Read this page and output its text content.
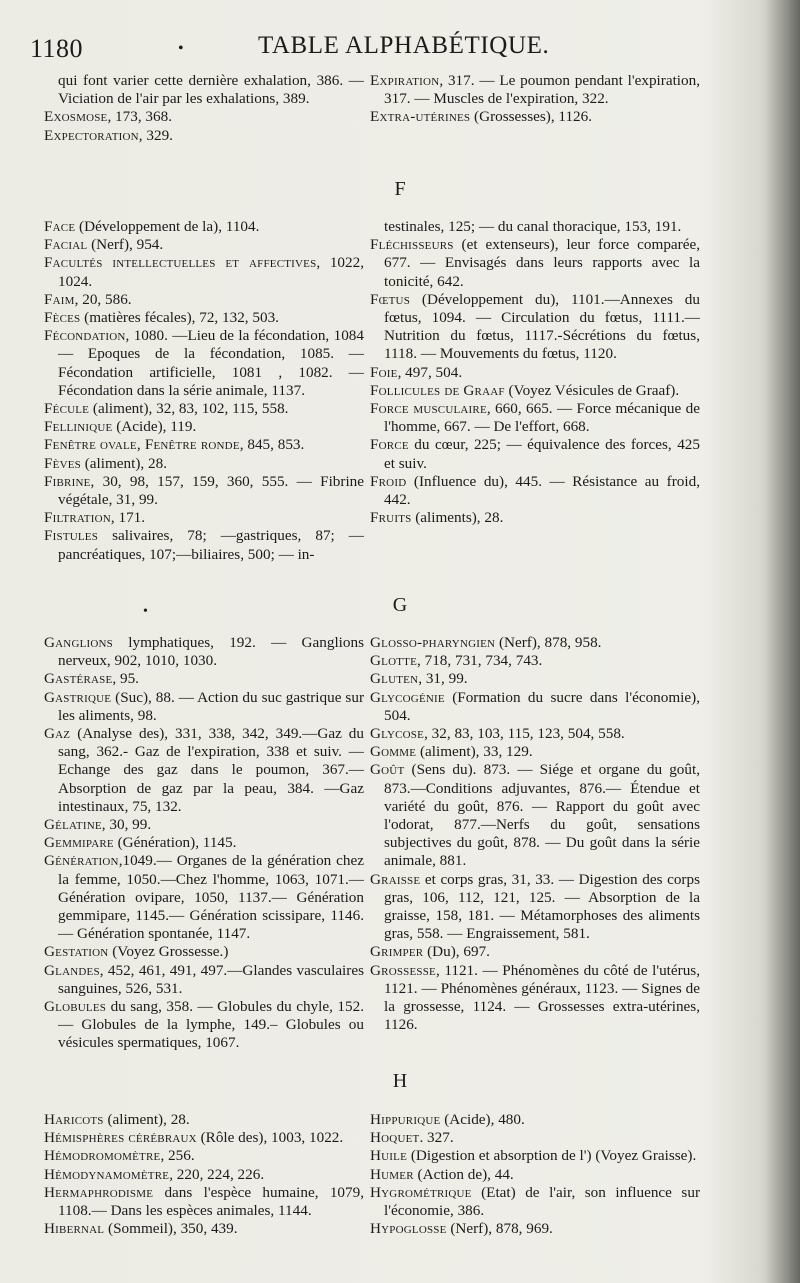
1180	•	TABLE ALPHABÉTIQUE.

qui font varier cette dernière exhalation, 386. — Viciation de l'air par les exhalations, 389.

Exosmose, 173, 368.

Expectoration, 329.

Expiration, 317. — Le poumon pendant l'expiration, 317. — Muscles de l'expiration, 322.

Extra-utérines (Grossesses), 1126.

F

Face (Développement de la), 1104.

Facial (Nerf), 954.

Facultés intellectuelles et affectives, 1022, 1024.

Faim, 20, 586.

Fèces (matières fécales), 72, 132, 503.

Fécondation, 1080. —Lieu de la fécondation, 1084 — Epoques de la fécondation, 1085. — Fécondation artificielle, 1081 , 1082. — Fécondation dans la série animale, 1137.

Fécule (aliment), 32, 83, 102, 115, 558.

Fellinique (Acide), 119.

Fenêtre ovale, Fenêtre ronde, 845, 853.

Fèves (aliment), 28.

Fibrine, 30, 98, 157, 159, 360, 555. — Fibrine végétale, 31, 99.

Filtration, 171.

Fistules salivaires, 78; —gastriques, 87; — pancréatiques, 107;—biliaires, 500; — in-

testinales, 125; — du canal thoracique, 153, 191.

Fléchisseurs (et extenseurs), leur force comparée, 677. — Envisagés dans leurs rapports avec la tonicité, 642.

Fœtus (Développement du), 1101.—Annexes du fœtus, 1094. — Circulation du fœtus, 1111.— Nutrition du fœtus, 1117.-Sécrétions du fœtus, 1118. — Mouvements du fœtus, 1120.

Foie, 497, 504.

Follicules de Graaf (Voyez Vésicules de Graaf).

Force musculaire, 660, 665. — Force mécanique de l'homme, 667. — De l'effort, 668.

Force du cœur, 225; — équivalence des forces, 425 et suiv.

Froid (Influence du), 445. — Résistance au froid, 442.

Fruits (aliments), 28.

•	G

Ganglions lymphatiques, 192. — Ganglions nerveux, 902, 1010, 1030.

Gastérase, 95.

Gastrique (Suc), 88. — Action du suc gastrique sur les aliments, 98.

Gaz (Analyse des), 331, 338, 342, 349.—Gaz du sang, 362.- Gaz de l'expiration, 338 et suiv. — Echange des gaz dans le poumon, 367.—Absorption de gaz par la peau, 384. —Gaz intestinaux, 75, 132.

Gélatine, 30, 99.

Gemmipare (Génération), 1145.

Génération,1049.— Organes de la génération chez la femme, 1050.—Chez l'homme, 1063, 1071.— Génération ovipare, 1050, 1137.— Génération gemmipare, 1145.— Génération scissipare, 1146. — Génération spontanée, 1147.

Gestation (Voyez Grossesse.)

Glandes, 452, 461, 491, 497.—Glandes vasculaires sanguines, 526, 531.

Globules du sang, 358. — Globules du chyle, 152. — Globules de la lymphe, 149.– Globules ou vésicules spermatiques, 1067.

Glosso-pharyngien (Nerf), 878, 958.

Glotte, 718, 731, 734, 743.

Gluten, 31, 99.

Glycogénie (Formation du sucre dans l'économie), 504.

Glycose, 32, 83, 103, 115, 123, 504, 558.

Gomme (aliment), 33, 129.

Goût (Sens du). 873. — Siége et organe du goût, 873.—Conditions adjuvantes, 876.— Étendue et variété du goût, 876. — Rapport du goût avec l'odorat, 877.—Nerfs du goût, sensations subjectives du goût, 878. — Du goût dans la série animale, 881.

Graisse et corps gras, 31, 33. — Digestion des corps gras, 106, 112, 121, 125. — Absorption de la graisse, 158, 181. — Métamorphoses des aliments gras, 558. — Engraissement, 581.

Grimper (Du), 697.

Grossesse, 1121. — Phénomènes du côté de l'utérus, 1121. — Phénomènes généraux, 1123. — Signes de la grossesse, 1124. — Grossesses extra-utérines, 1126.

H

Haricots (aliment), 28.

Hémisphères cérébraux (Rôle des), 1003, 1022.

Hémodromomètre, 256.

Hémodynamomètre, 220, 224, 226.

Hermaphrodisme dans l'espèce humaine, 1079, 1108.— Dans les espèces animales, 1144.

Hibernal (Sommeil), 350, 439.

Hippurique (Acide), 480.

Hoquet. 327.

Huile (Digestion et absorption de l') (Voyez Graisse).

Humer (Action de), 44.

Hygrométrique (Etat) de l'air, son influence sur l'économie, 386.

Hypoglosse (Nerf), 878, 969.
